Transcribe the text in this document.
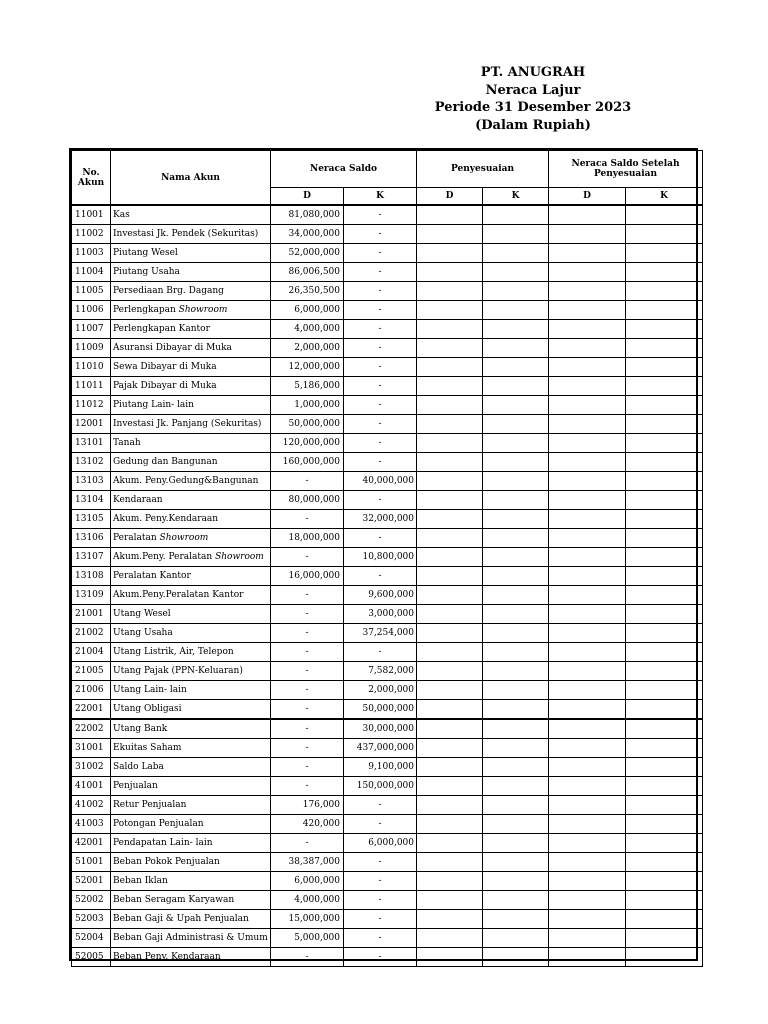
PT. ANUGRAH
Neraca Lajur
Periode 31 Desember 2023
(Dalam Rupiah)
No. Akun	Nama Akun	Neraca Saldo		Penyesuaian		Neraca Saldo Setelah Penyesuaian	
		D	K	D	K	D	K
11001	Kas	81,080,000	-				
11002	Investasi Jk. Pendek (Sekuritas)	34,000,000	-				
11003	Piutang Wesel	52,000,000	-				
11004	Piutang Usaha	86,006,500	-				
11005	Persediaan Brg. Dagang	26,350,500	-				
11006	Perlengkapan Showroom	6,000,000	-				
11007	Perlengkapan Kantor	4,000,000	-				
11009	Asuransi Dibayar di Muka	2,000,000	-				
11010	Sewa Dibayar di Muka	12,000,000	-				
11011	Pajak Dibayar di Muka	5,186,000	-				
11012	Piutang Lain- lain	1,000,000	-				
12001	Investasi Jk. Panjang (Sekuritas)	50,000,000	-				
13101	Tanah	120,000,000	-				
13102	Gedung dan Bangunan	160,000,000	-				
13103	Akum. Peny.Gedung&Bangunan	-	40,000,000				
13104	Kendaraan	80,000,000	-				
13105	Akum. Peny.Kendaraan	-	32,000,000				
13106	Peralatan Showroom	18,000,000	-				
13107	Akum.Peny. Peralatan Showroom	-	10,800,000				
13108	Peralatan Kantor	16,000,000	-				
13109	Akum.Peny.Peralatan Kantor	-	9,600,000				
21001	Utang Wesel	-	3,000,000				
21002	Utang Usaha	-	37,254,000				
21004	Utang Listrik, Air, Telepon	-	-				
21005	Utang Pajak (PPN-Keluaran)	-	7,582,000				
21006	Utang Lain- lain	-	2,000,000				
22001	Utang Obligasi	-	50,000,000				
22002	Utang Bank	-	30,000,000				
31001	Ekuitas Saham	-	437,000,000				
31002	Saldo Laba	-	9,100,000				
41001	Penjualan	-	150,000,000				
41002	Retur Penjualan	176,000	-				
41003	Potongan Penjualan	420,000	-				
42001	Pendapatan Lain- lain	-	6,000,000				
51001	Beban Pokok Penjualan	38,387,000	-				
52001	Beban Iklan	6,000,000	-				
52002	Beban Seragam Karyawan	4,000,000	-				
52003	Beban Gaji & Upah Penjualan	15,000,000	-				
52004	Beban Gaji Administrasi & Umum	5,000,000	-				
52005	Beban Peny. Kendaraan	-	-				
